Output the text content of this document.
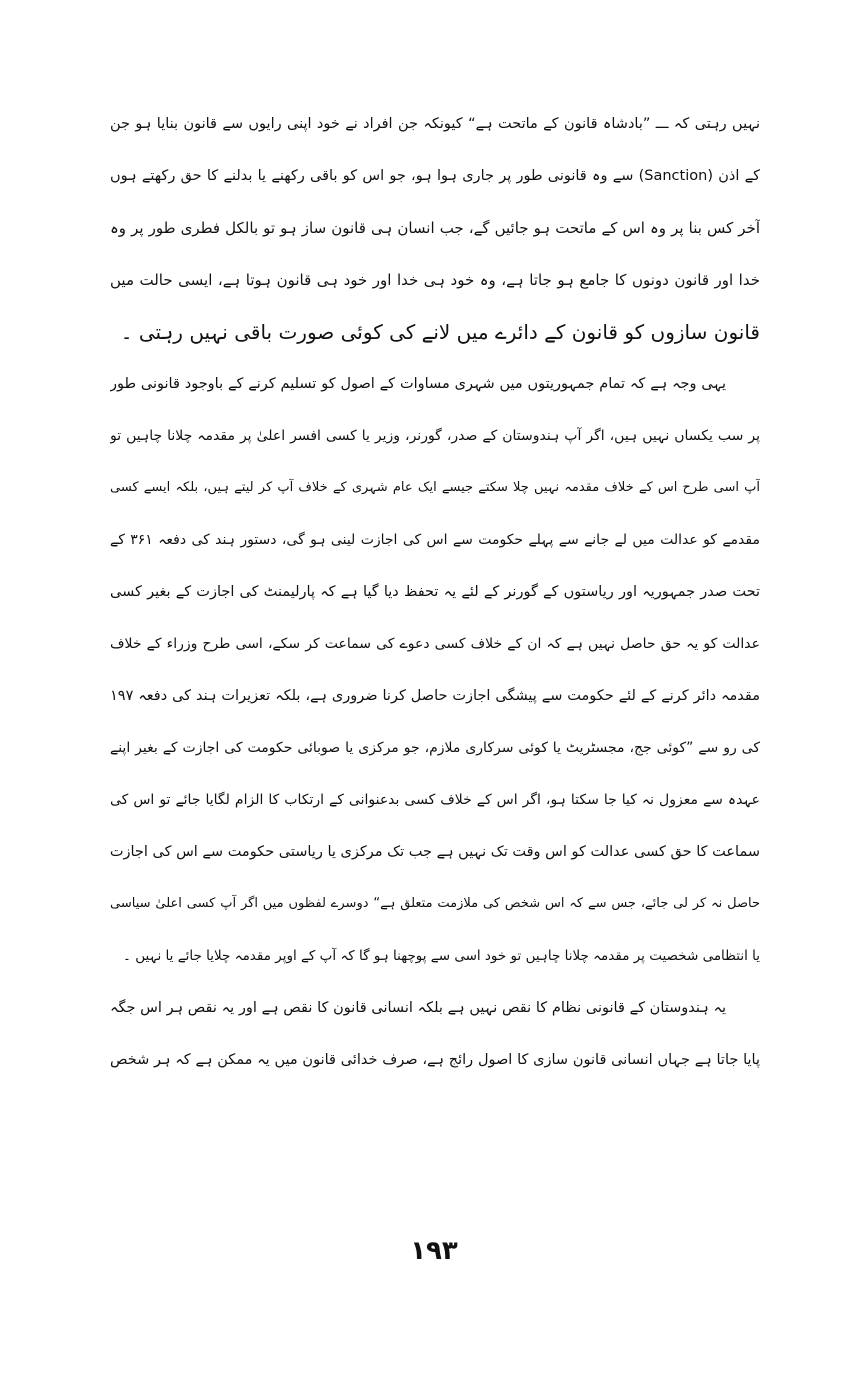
نہیں رہتی کہ ـــ ”بادشاہ قانون کے ماتحت ہے“ کیونکہ جن افراد نے خود اپنی رایوں سے قانون بنایا ہو جن
کے اذن (Sanction) سے وہ قانونی طور پر جاری ہوا ہو، جو اس کو باقی رکھنے یا بدلنے کا حق رکھتے ہوں
آخر کس بنا پر وہ اس کے ماتحت ہو جائیں گے، جب انسان ہی قانون ساز ہو تو بالکل فطری طور پر وہ
خدا اور قانون دونوں کا جامع ہو جاتا ہے، وہ خود ہی خدا اور خود ہی قانون ہوتا ہے، ایسی حالت میں
قانون سازوں کو قانون کے دائرے میں لانے کی کوئی صورت باقی نہیں رہتی ۔
یہی وجہ ہے کہ تمام جمہوریتوں میں شہری مساوات کے اصول کو تسلیم کرنے کے باوجود قانونی طور
پر سب یکساں نہیں ہیں، اگر آپ ہندوستان کے صدر، گورنر، وزیر یا کسی افسر اعلیٰ پر مقدمہ چلانا چاہیں تو
آپ اسی طرح اس کے خلاف مقدمہ نہیں چلا سکتے جیسے ایک عام شہری کے خلاف آپ کر لیتے ہیں، بلکہ ایسے کسی
مقدمے کو عدالت میں لے جانے سے پہلے حکومت سے اس کی اجازت لینی ہو گی، دستور ہند کی دفعہ ۳۶۱ کے
تحت صدر جمہوریہ اور ریاستوں کے گورنر کے لئے یہ تحفظ دیا گیا ہے کہ پارلیمنٹ کی اجازت کے بغیر کسی
عدالت کو یہ حق حاصل نہیں ہے کہ ان کے خلاف کسی دعوے کی سماعت کر سکے، اسی طرح وزراء کے خلاف
مقدمہ دائر کرنے کے لئے حکومت سے پیشگی اجازت حاصل کرنا ضروری ہے، بلکہ تعزیرات ہند کی دفعہ ۱۹۷
کی رو سے ”کوئی جج، مجسٹریٹ یا کوئی سرکاری ملازم، جو مرکزی یا صوبائی حکومت کی اجازت کے بغیر اپنے
عہدہ سے معزول نہ کیا جا سکتا ہو، اگر اس کے خلاف کسی بدعنوانی کے ارتکاب کا الزام لگایا جائے تو اس کی
سماعت کا حق کسی عدالت کو اس وقت تک نہیں ہے جب تک مرکزی یا ریاستی حکومت سے اس کی اجازت
حاصل نہ کر لی جائے، جس سے کہ اس شخص کی ملازمت متعلق ہے“ دوسرے لفظوں میں اگر آپ کسی اعلیٰ سیاسی
یا انتظامی شخصیت پر مقدمہ چلانا چاہیں تو خود اسی سے پوچھنا ہو گا کہ آپ کے اوپر مقدمہ چلایا جائے یا نہیں ۔
یہ ہندوستان کے قانونی نظام کا نقص نہیں ہے بلکہ انسانی قانون کا نقص ہے اور یہ نقص ہر اس جگہ
پایا جاتا ہے جہاں انسانی قانون سازی کا اصول رائج ہے، صرف خدائی قانون میں یہ ممکن ہے کہ ہر شخص
۱۹۳
